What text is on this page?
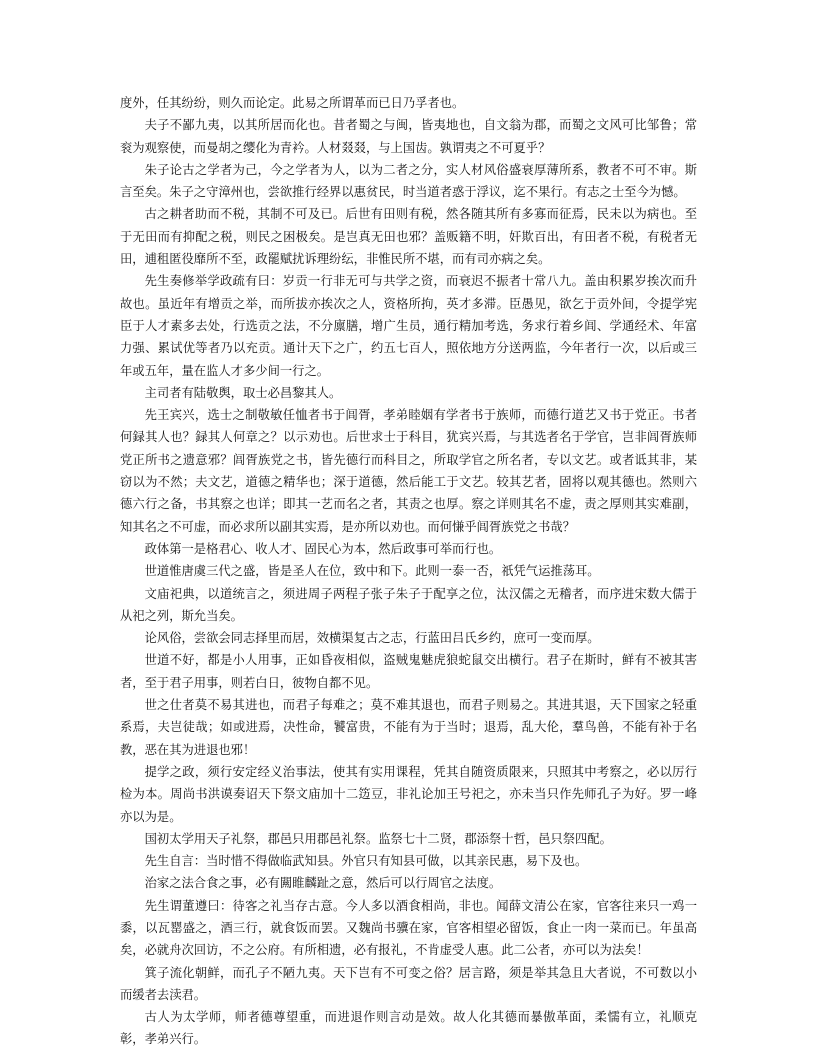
度外，任其纷纷，则久而论定。此易之所谓革而已日乃孚者也。

夫子不鄙九夷，以其所居而化也。昔者蜀之与闽，皆夷地也，自文翁为郡，而蜀之文风可比邹鲁；常衮为观察使，而曼胡之缨化为青衿。人材叕叕，与上国齿。孰谓夷之不可夏乎？

朱子论古之学者为己，今之学者为人，以为二者之分，实人材风俗盛衰厚薄所系，教者不可不审。斯言至矣。朱子之守漳州也，尝欲推行经界以惠贫民，时当道者惑于浮议，迄不果行。有志之士至今为憾。

古之耕者助而不税，其制不可及已。后世有田则有税，然各随其所有多寡而征焉，民未以为病也。至于无田而有抑配之税，则民之困极矣。是岂真无田也邪？盖贩籍不明，奸欺百出，有田者不税，有税者无田，逋租匿役靡所不至，政罷赋扰诉理纷纭，非惟民所不堪，而有司亦病之矣。

先生奏修举学政疏有曰：岁贡一行非无可与共学之资，而衰迟不振者十常八九。盖由积累岁挨次而升故也。虽近年有增贡之举，而所拔亦挨次之人，资格所拘，英才多滞。臣愚见，欲乞于贡外间，令提学宪臣于人才素多去处，行选贡之法，不分廪膳，增广生员，通行精加考选，务求行着乡闾、学通经术、年富力强、累试优等者乃以充贡。通计天下之广，约五七百人，照依地方分送两监，今年者行一次，以后或三年或五年，量在监人才多少间一行之。

主司者有陆敬舆，取士必昌黎其人。

先王宾兴，选士之制敬敏任恤者书于闾胥，孝弟睦姻有学者书于族师，而德行道艺又书于党正。书者何録其人也？録其人何章之？以示劝也。后世求士于科目，犹宾兴焉，与其选者名于学官，岂非闾胥族师党正所书之遗意邪？闾胥族党之书，皆先德行而科目之，所取学官之所名者，专以文艺。或者诋其非，某窃以为不然；夫文艺，道德之精华也；深于道德，然后能工于文艺。较其艺者，固将以观其德也。然则六德六行之备，书其察之也详；即其一艺而名之者，其责之也厚。察之详则其名不虚，责之厚则其实难副，知其名之不可虚，而必求所以副其实焉，是亦所以劝也。而何慊乎闾胥族党之书哉？

政体第一是格君心、收人才、固民心为本，然后政事可举而行也。

世道惟唐虞三代之盛，皆是圣人在位，致中和下。此则一泰一否，祇凭气运推荡耳。

文庙祀典，以道统言之，须进周子两程子张子朱子于配享之位，汰汉儒之无稽者，而序进宋数大儒于从祀之列，斯允当矣。

论风俗，尝欲会同志择里而居，效横渠复古之志，行蓝田吕氏乡约，庶可一变而厚。

世道不好，都是小人用事，正如昏夜相似，盗贼鬼魅虎狼蛇鼠交出横行。君子在斯时，鲜有不被其害者，至于君子用事，则若白日，彼物自都不见。

世之仕者莫不易其进也，而君子每难之；莫不难其退也，而君子则易之。其进其退，天下国家之轻重系焉，夫岂徒哉；如或进焉，决性命，饕富贵，不能有为于当时；退焉，乱大伦，羣鸟兽，不能有补于名教，恶在其为进退也邪！

提学之政，须行安定经义治事法，使其有实用课程，凭其自随资质限来，只照其中考察之，必以厉行检为本。周尚书洪谟奏诏天下祭文庙加十二笾豆，非礼论加王号祀之，亦未当只作先师孔子为好。罗一峰亦以为是。

国初太学用天子礼祭，郡邑只用郡邑礼祭。监祭七十二贤，郡添祭十哲，邑只祭四配。

先生自言：当时惜不得做临武知县。外官只有知县可做，以其亲民惠，易下及也。

治家之法合食之事，必有闗睢麟趾之意，然后可以行周官之法度。

先生谓董遵曰：待客之礼当存古意。今人多以酒食相尚，非也。闻薛文清公在家，官客往来只一鸡一黍，以瓦罂盛之，酒三行，就食饭而罢。又魏尚书骥在家，官客相望必留饭，食止一肉一菜而已。年虽高矣，必就舟次回访，不之公府。有所相遗，必有报礼，不肯虚受人惠。此二公者，亦可以为法矣！

箕子流化朝鲜，而孔子不陋九夷。天下岂有不可变之俗？居言路，须是举其急且大者说，不可数以小而缓者去渎君。

古人为太学师，师者德尊望重，而进退作则言动是效。故人化其德而暴傲革面，柔懦有立，礼顺克彰，孝弟兴行。
